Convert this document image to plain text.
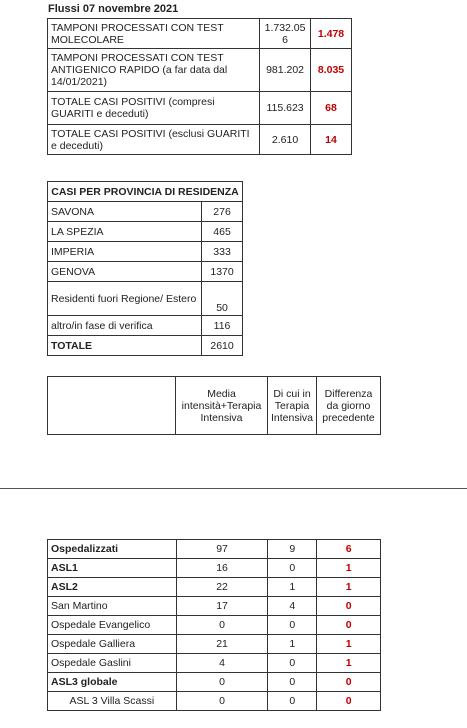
Flussi 07 novembre 2021
TAMPONI PROCESSATI CON TEST MOLECOLARE	1.732.056	1.478
TAMPONI PROCESSATI CON TEST ANTIGENICO RAPIDO (a far data dal 14/01/2021)	981.202	8.035
TOTALE CASI POSITIVI (compresi GUARITI e deceduti)	115.623	68
TOTALE CASI POSITIVI (esclusi GUARITI e deceduti)	2.610	14
CASI PER PROVINCIA DI RESIDENZA	
SAVONA	276
LA SPEZIA	465
IMPERIA	333
GENOVA	1370
Residenti fuori Regione/ Estero	50
altro/in fase di verifica	116
TOTALE	2610
	Media intensità+Terapia Intensiva	Di cui in Terapia Intensiva	Differenza da giorno precedente
Ospedalizzati	97	9	6
ASL1	16	0	1
ASL2	22	1	1
San Martino	17	4	0
Ospedale Evangelico	0	0	0
Ospedale Galliera	21	1	1
Ospedale Gaslini	4	0	1
ASL3 globale	0	0	0
ASL 3 Villa Scassi	0	0	0
